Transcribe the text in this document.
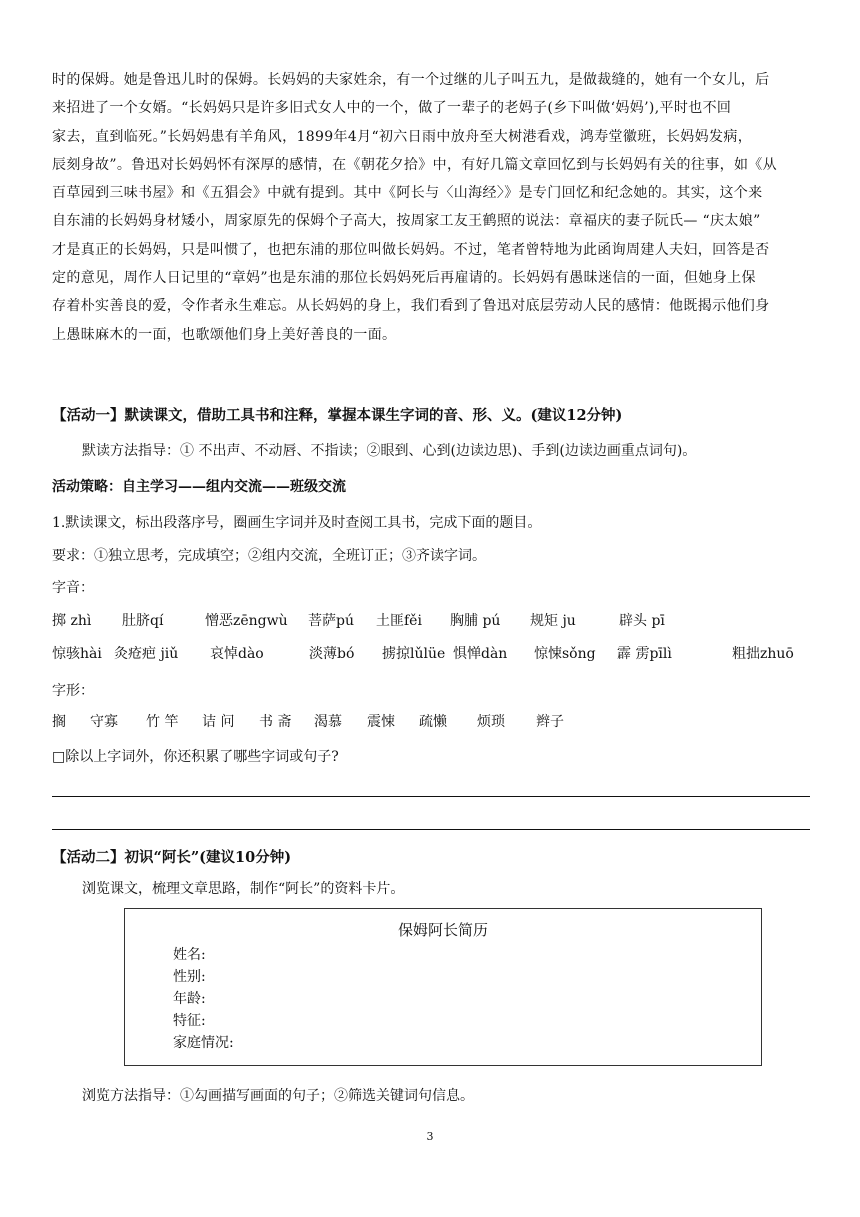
时的保姆。她是鲁迅儿时的保姆。长妈妈的夫家姓余，有一个过继的儿子叫五九，是做裁缝的，她有一个女儿，后
来招进了一个女婿。“长妈妈只是许多旧式女人中的一个，做了一辈子的老妈子(乡下叫做‘妈妈’),平时也不回
家去，直到临死。”长妈妈患有羊角风，1899年4月“初六日雨中放舟至大树港看戏，鸿寿堂徽班，长妈妈发病，
辰刻身故”。鲁迅对长妈妈怀有深厚的感情，在《朝花夕拾》中，有好几篇文章回忆到与长妈妈有关的往事，如《从
百草园到三味书屋》和《五猖会》中就有提到。其中《阿长与〈山海经〉》是专门回忆和纪念她的。其实，这个来
自东浦的长妈妈身材矮小，周家原先的保姆个子高大，按周家工友王鹤照的说法：章福庆的妻子阮氏— “庆太娘”
才是真正的长妈妈，只是叫惯了，也把东浦的那位叫做长妈妈。不过，笔者曾特地为此函询周建人夫妇，回答是否
定的意见，周作人日记里的“章妈”也是东浦的那位长妈妈死后再雇请的。长妈妈有愚昧迷信的一面，但她身上保
存着朴实善良的爱，令作者永生难忘。从长妈妈的身上，我们看到了鲁迅对底层劳动人民的感情：他既揭示他们身
上愚昧麻木的一面，也歌颂他们身上美好善良的一面。
【活动一】默读课文，借助工具书和注释，掌握本课生字词的音、形、义。(建议12分钟)
默读方法指导：① 不出声、不动唇、不指读；②眼到、心到(边读边思)、手到(边读边画重点词句)。
活动策略：自主学习——组内交流——班级交流
1.默读课文，标出段落序号，圈画生字词并及时查阅工具书，完成下面的题目。
要求：①独立思考，完成填空；②组内交流，全班订正；③齐读字词。
字音：
掷 zhì 肚脐qí	憎恶zēngwù 菩萨pú 土匪fěi 胸脯 pú 规矩 ju	辟头 pī
惊骇hài 灸疮疤 jiǔ 哀悼dào	淡薄bó 掳掠lǔlüe 惧惮dàn 惊悚sǒng 霹 雳pīlì	粗拙zhuō
字形：
搁 守寡 竹 竿 诘 问 书 斋 渴慕 震悚 疏懒 烦琐 辫子
□除以上字词外，你还积累了哪些字词或句子?
【活动二】初识“阿长”(建议10分钟)
浏览课文，梳理文章思路，制作“阿长”的资料卡片。
保姆阿长简历
姓名:
性别:
年龄:
特征:
家庭情况:
浏览方法指导：①勾画描写画面的句子；②筛选关键词句信息。
3
